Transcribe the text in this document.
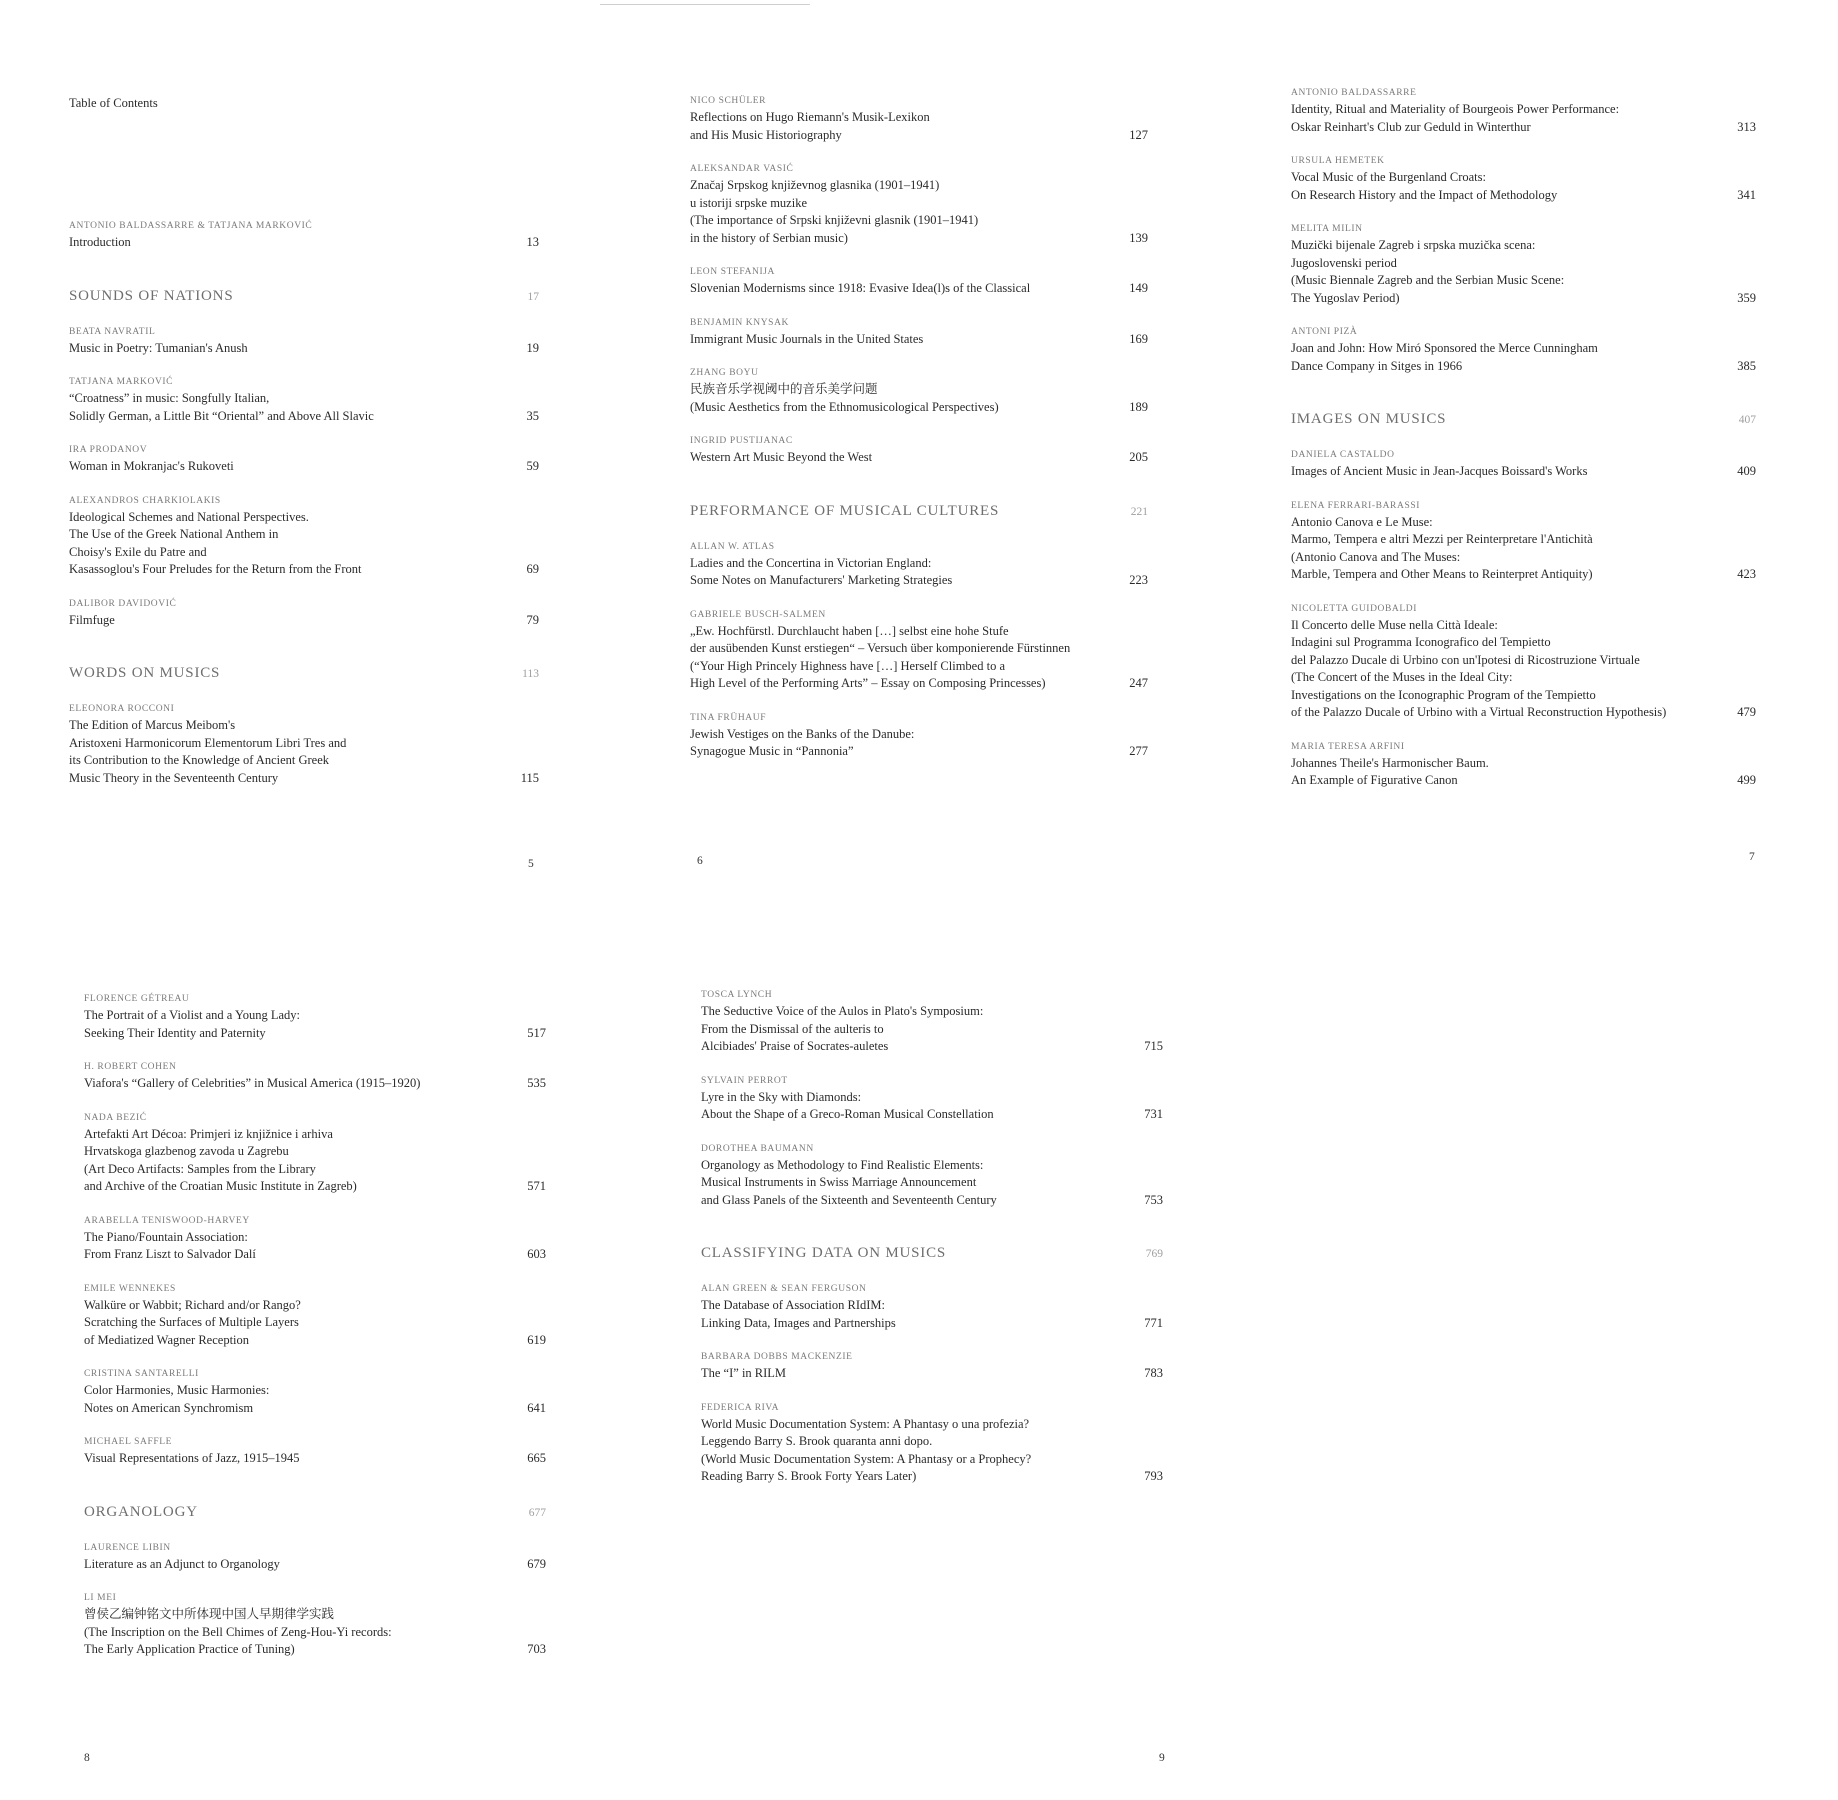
Table of Contents
ANTONIO BALDASSARRE & TATJANA MARKOVIĆ
Introduction	13
SOUNDS OF NATIONS	17
BEATA NAVRATIL
Music in Poetry: Tumanian's Anush	19
TATJANA MARKOVIĆ
“Croatness” in music: Songfully Italian,
Solidly German, a Little Bit “Oriental” and Above All Slavic	35
IRA PRODANOV
Woman in Mokranjac's Rukoveti	59
ALEXANDROS CHARKIOLAKIS
Ideological Schemes and National Perspectives.
The Use of the Greek National Anthem in
Choisy's Exile du Patre and
Kasassoglou's Four Preludes for the Return from the Front	69
DALIBOR DAVIDOVIĆ
Filmfuge	79
WORDS ON MUSICS	113
ELEONORA ROCCONI
The Edition of Marcus Meibom's
Aristoxeni Harmonicorum Elementorum Libri Tres and
its Contribution to the Knowledge of Ancient Greek
Music Theory in the Seventeenth Century	115
5
NICO SCHÜLER
Reflections on Hugo Riemann's Musik-Lexikon
and His Music Historiography	127
ALEKSANDAR VASIĆ
Značaj Srpskog književnog glasnika (1901–1941)
u istoriji srpske muzike
(The importance of Srpski književni glasnik (1901–1941)
in the history of Serbian music)	139
LEON STEFANIJA
Slovenian Modernisms since 1918: Evasive Idea(l)s of the Classical	149
BENJAMIN KNYSAK
Immigrant Music Journals in the United States	169
ZHANG BOYU
民族音乐学视阈中的音乐美学问题
(Music Aesthetics from the Ethnomusicological Perspectives)	189
INGRID PUSTIJANAC
Western Art Music Beyond the West	205
PERFORMANCE OF MUSICAL CULTURES	221
ALLAN W. ATLAS
Ladies and the Concertina in Victorian England:
Some Notes on Manufacturers' Marketing Strategies	223
GABRIELE BUSCH-SALMEN
„Ew. Hochfürstl. Durchlaucht haben […] selbst eine hohe Stufe
der ausübenden Kunst erstiegen“ – Versuch über komponierende Fürstinnen
(“Your High Princely Highness have […] Herself Climbed to a
High Level of the Performing Arts” – Essay on Composing Princesses)	247
TINA FRÜHAUF
Jewish Vestiges on the Banks of the Danube:
Synagogue Music in “Pannonia”	277
6
ANTONIO BALDASSARRE
Identity, Ritual and Materiality of Bourgeois Power Performance:
Oskar Reinhart's Club zur Geduld in Winterthur	313
URSULA HEMETEK
Vocal Music of the Burgenland Croats:
On Research History and the Impact of Methodology	341
MELITA MILIN
Muzički bijenale Zagreb i srpska muzička scena:
Jugoslovenski period
(Music Biennale Zagreb and the Serbian Music Scene:
The Yugoslav Period)	359
ANTONI PIZÀ
Joan and John: How Miró Sponsored the Merce Cunningham
Dance Company in Sitges in 1966	385
IMAGES ON MUSICS	407
DANIELA CASTALDO
Images of Ancient Music in Jean-Jacques Boissard's Works	409
ELENA FERRARI-BARASSI
Antonio Canova e Le Muse:
Marmo, Tempera e altri Mezzi per Reinterpretare l'Antichità
(Antonio Canova and The Muses:
Marble, Tempera and Other Means to Reinterpret Antiquity)	423
NICOLETTA GUIDOBALDI
Il Concerto delle Muse nella Città Ideale:
Indagini sul Programma Iconografico del Tempietto
del Palazzo Ducale di Urbino con un'Ipotesi di Ricostruzione Virtuale
(The Concert of the Muses in the Ideal City:
Investigations on the Iconographic Program of the Tempietto
of the Palazzo Ducale of Urbino with a Virtual Reconstruction Hypothesis)	479
MARIA TERESA ARFINI
Johannes Theile's Harmonischer Baum.
An Example of Figurative Canon	499
7
FLORENCE GÉTREAU
The Portrait of a Violist and a Young Lady:
Seeking Their Identity and Paternity	517
H. ROBERT COHEN
Viafora's “Gallery of Celebrities” in Musical America (1915–1920)	535
NADA BEZIĆ
Artefakti Art Décoa: Primjeri iz knjižnice i arhiva
Hrvatskoga glazbenog zavoda u Zagrebu
(Art Deco Artifacts: Samples from the Library
and Archive of the Croatian Music Institute in Zagreb)	571
ARABELLA TENISWOOD-HARVEY
The Piano/Fountain Association:
From Franz Liszt to Salvador Dalí	603
EMILE WENNEKES
Walküre or Wabbit; Richard and/or Rango?
Scratching the Surfaces of Multiple Layers
of Mediatized Wagner Reception	619
CRISTINA SANTARELLI
Color Harmonies, Music Harmonies:
Notes on American Synchromism	641
MICHAEL SAFFLE
Visual Representations of Jazz, 1915–1945	665
ORGANOLOGY	677
LAURENCE LIBIN
Literature as an Adjunct to Organology	679
LI MEI
曾侯乙编钟铭文中所体现中国人早期律学实践
(The Inscription on the Bell Chimes of Zeng-Hou-Yi records:
The Early Application Practice of Tuning)	703
8
TOSCA LYNCH
The Seductive Voice of the Aulos in Plato's Symposium:
From the Dismissal of the aulteris to
Alcibiades' Praise of Socrates-auletes	715
SYLVAIN PERROT
Lyre in the Sky with Diamonds:
About the Shape of a Greco-Roman Musical Constellation	731
DOROTHEA BAUMANN
Organology as Methodology to Find Realistic Elements:
Musical Instruments in Swiss Marriage Announcement
and Glass Panels of the Sixteenth and Seventeenth Century	753
CLASSIFYING DATA ON MUSICS	769
ALAN GREEN & SEAN FERGUSON
The Database of Association RIdIM:
Linking Data, Images and Partnerships	771
BARBARA DOBBS MACKENZIE
The “I” in RILM	783
FEDERICA RIVA
World Music Documentation System: A Phantasy o una profezia?
Leggendo Barry S. Brook quaranta anni dopo.
(World Music Documentation System: A Phantasy or a Prophecy?
Reading Barry S. Brook Forty Years Later)	793
9
